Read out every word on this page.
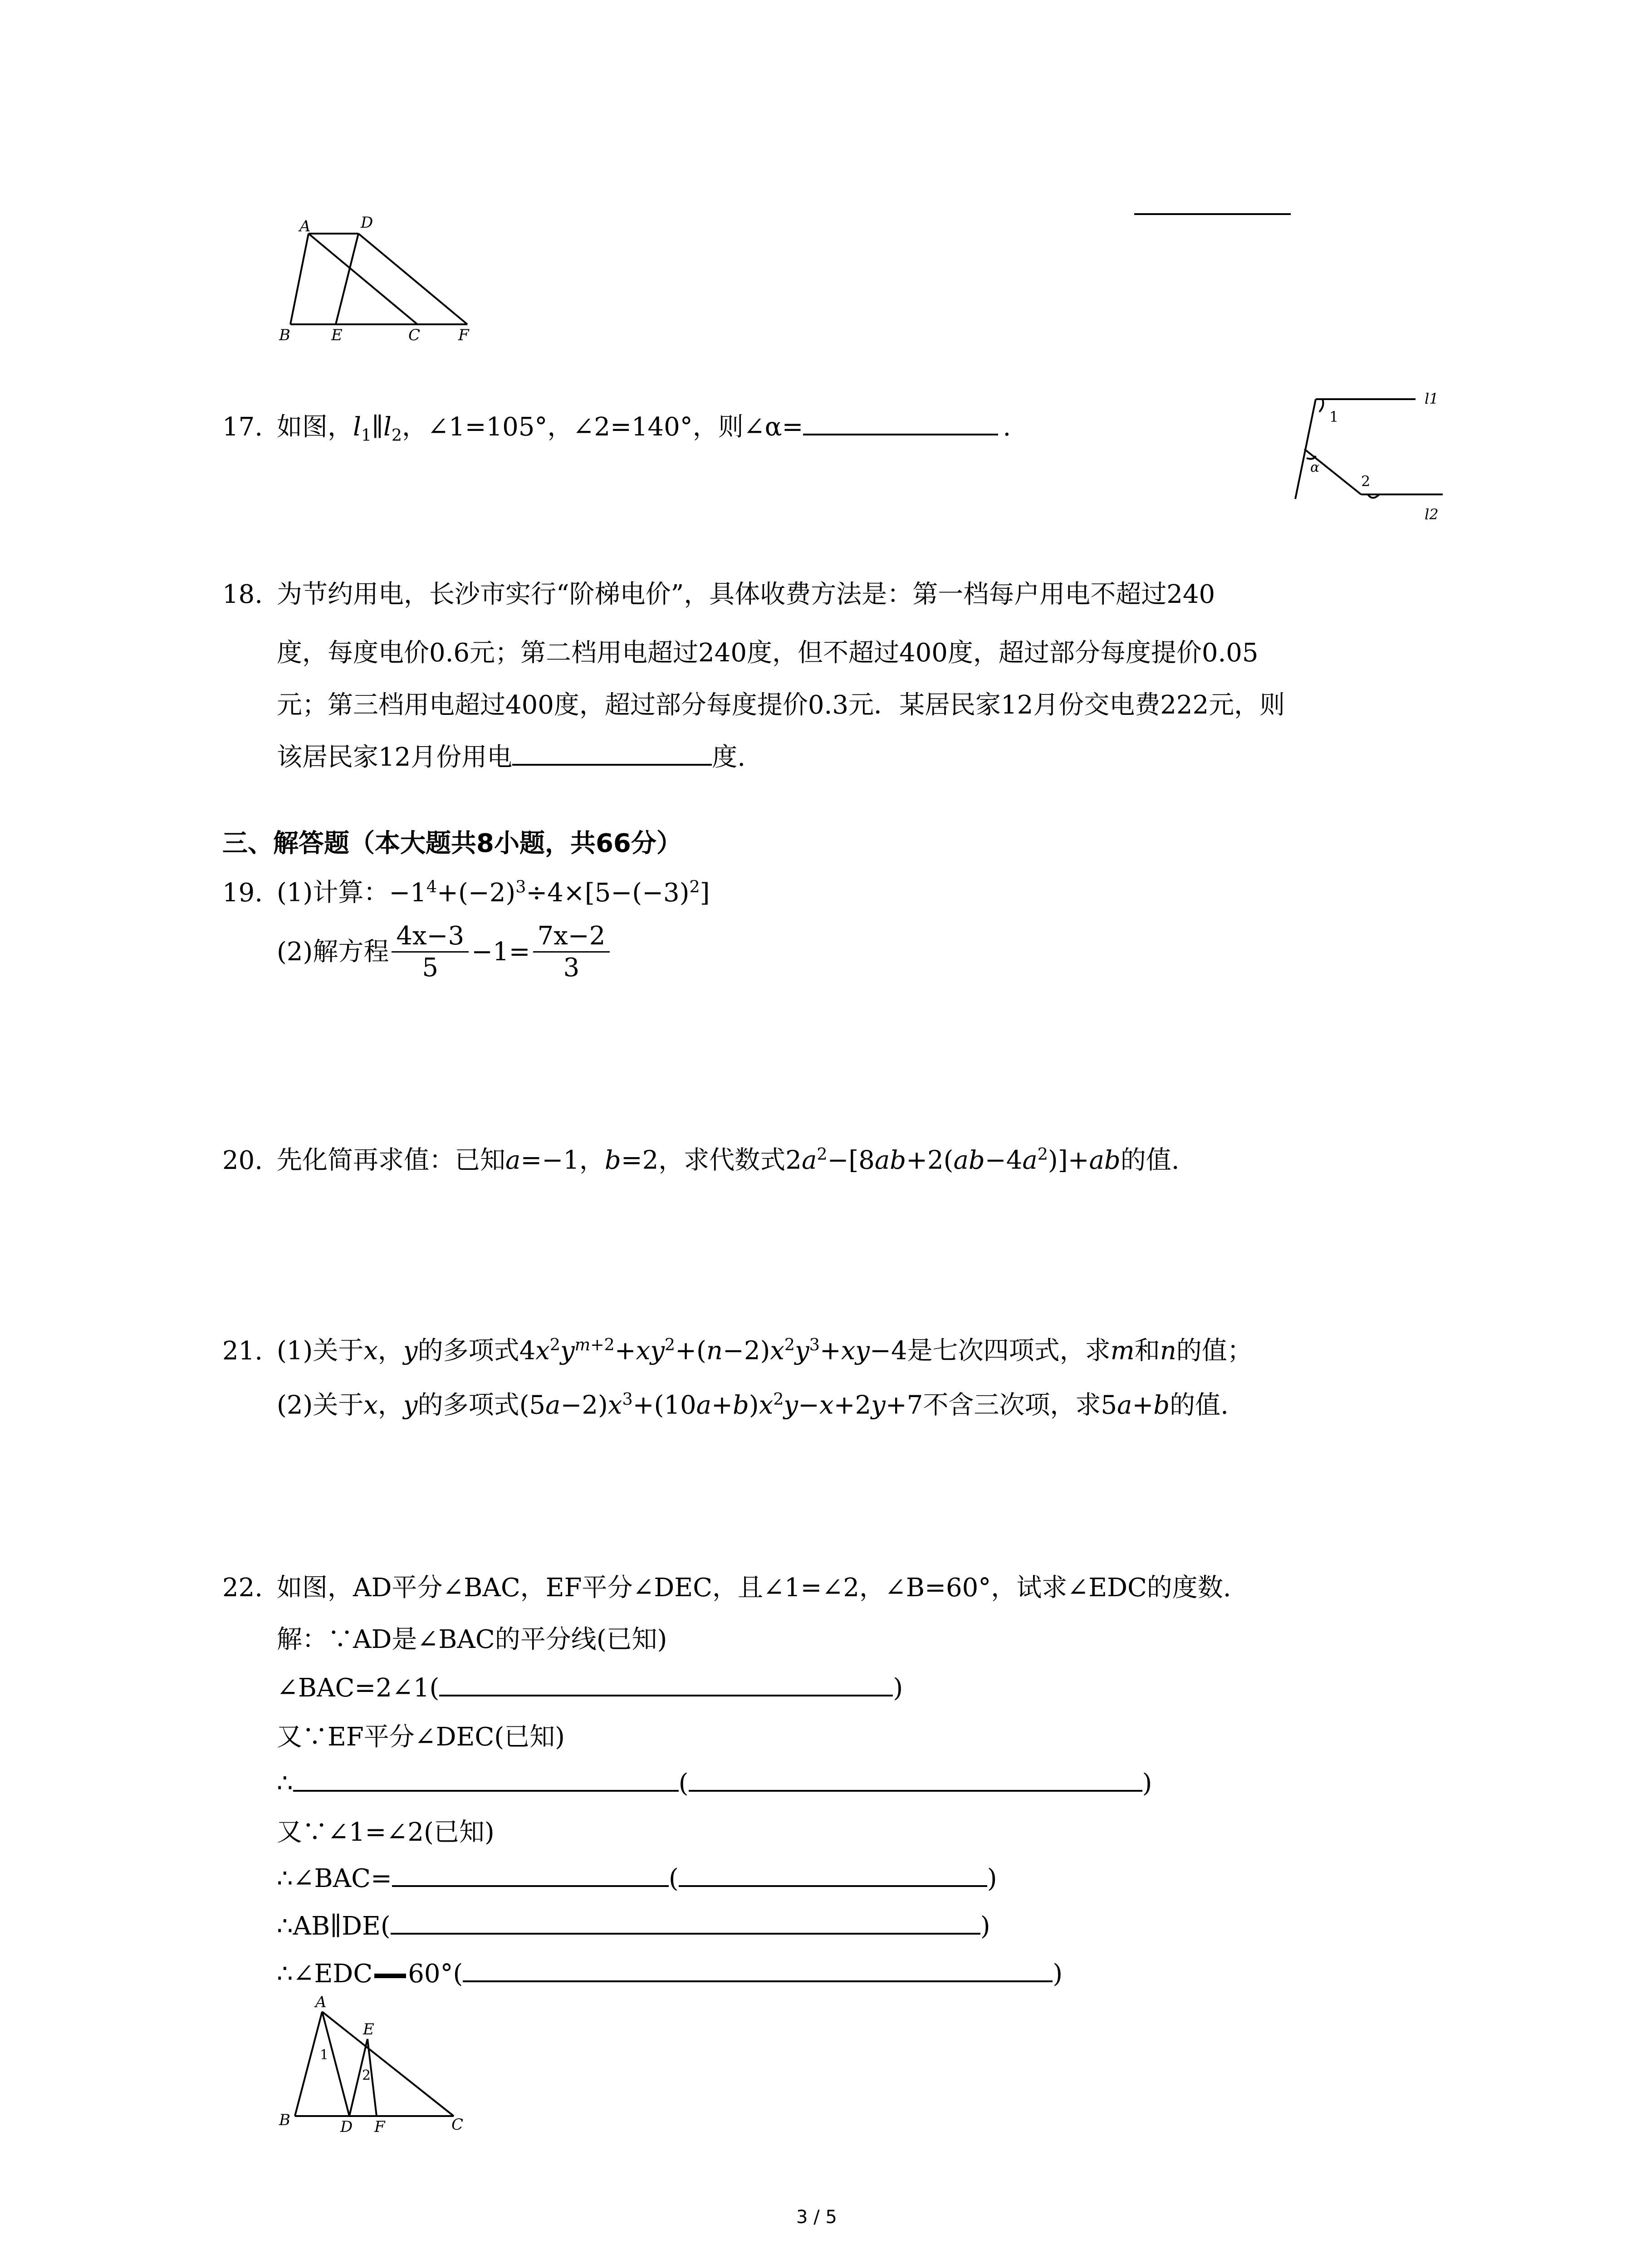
A	D
B	E	C F
17. 如图，$l_1\parallel l_2$，∠1=105°，∠2=140°，则∠α=	.	1
α
2
l1
l2
18. 为节约用电，长沙市实行“阶梯电价”，具体收费方法是：第一档每户用电不超过240
度，每度电价0.6元；第二档用电超过240度，但不超过400度，超过部分每度提价0.05
元；第三档用电超过400度，超过部分每度提价0.3元．某居民家12月份交电费222元，则
该居民家12月份用电	度.
三、解答题（本大题共8小题，共66分）
19. (1)计算：$-1^4+(-2)^3\div 4\times[5-(-3)^2]$
(2)解方程 $\frac{4x-3}{5} -1= \frac{7x-2}{3}$
20. 先化简再求值：已知a=−1，b=2，求代数式$2a^2-[8ab+2(ab-4a^2)]+ab$的值.
21. (1)关于x，y的多项式$4x^2y^{m+2}+xy^2+(n-2)x^2y^3+xy-4$是七次四项式，求m和n的值；
(2)关于x，y的多项式$(5a-2)x^3+(10a+b)x^2y-x+2y+7$不含三次项，求5a+b的值.
22. 如图，AD平分∠BAC，EF平分∠DEC，且∠1=∠2，∠B=60°，试求∠EDC的度数.
解：∵AD是∠BAC的平分线(已知)
∠BAC=2∠1(	)
又∵EF平分∠DEC(已知)
∴	(	)
又∵∠1=∠2(已知)
∴∠BAC=	(	)
∴AB∥DE(	)
∴∠EDC 60°(	)
A
E
1
2
B	D F	C
3 / 5
